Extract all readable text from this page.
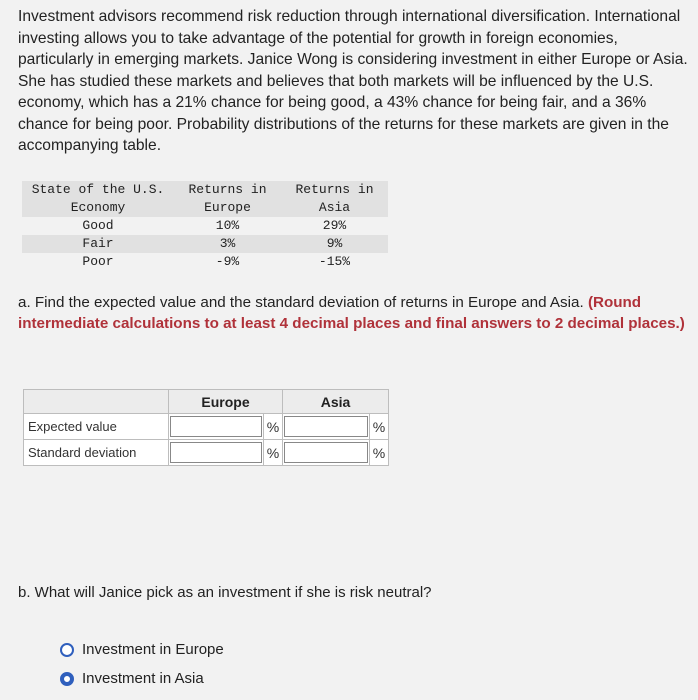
Investment advisors recommend risk reduction through international diversification. International investing allows you to take advantage of the potential for growth in foreign economies, particularly in emerging markets. Janice Wong is considering investment in either Europe or Asia. She has studied these markets and believes that both markets will be influenced by the U.S. economy, which has a 21% chance for being good, a 43% chance for being fair, and a 36% chance for being poor. Probability distributions of the returns for these markets are given in the accompanying table.

State of the U.S.	Returns in	Returns in
Economy	Europe	Asia
Good	10%	29%
Fair	3%	9%
Poor	-9%	-15%

a. Find the expected value and the standard deviation of returns in Europe and Asia. (Round intermediate calculations to at least 4 decimal places and final answers to 2 decimal places.)

	Europe		Asia	
Expected value		%		%
Standard deviation		%		%

b. What will Janice pick as an investment if she is risk neutral?

Investment in Europe
Investment in Asia
